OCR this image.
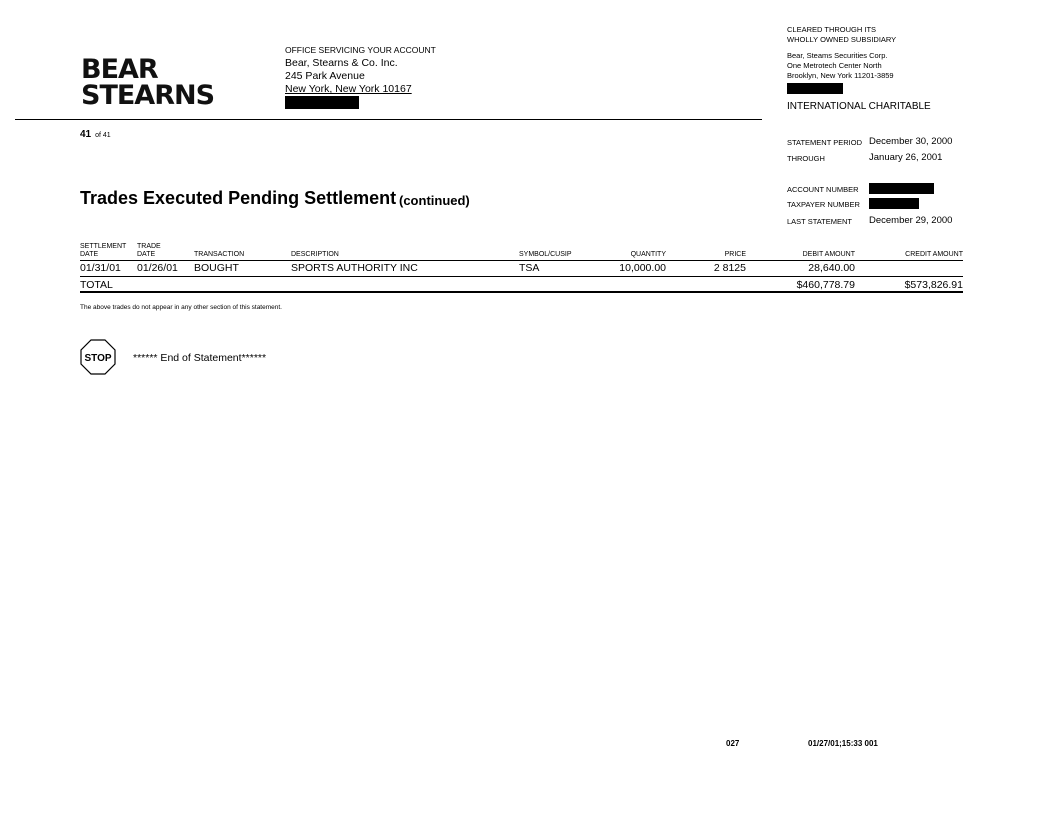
BEAR
STEARNS
OFFICE SERVICING YOUR ACCOUNT
Bear, Stearns & Co. Inc.
245 Park Avenue
New York, New York 10167
CLEARED THROUGH ITS
WHOLLY OWNED SUBSIDIARY
Bear, Steams Securities Corp.
One Metrotech Center North
Brooklyn, New York 11201-3859
INTERNATIONAL CHARITABLE
41 of 41
STATEMENT PERIOD December 30, 2000
THROUGH	January 26, 2001
ACCOUNT NUMBER
TAXPAYER NUMBER
LAST STATEMENT December 29, 2000
Trades Executed Pending Settlement (continued)
SETTLEMENT
DATE
TRADE
DATE	TRANSACTION	DESCRIPTION	SYMBOL/CUSIP	QUANTITY	PRICE	DEBIT AMOUNT	CREDIT AMOUNT
01/31/01 01/26/01 BOUGHT	SPORTS AUTHORITY INC	TSA	10,000.00	2 8125	28,640.00
TOTAL	$460,778.79	$573,826.91
The above trades do not appear in any other section of this statement.
STOP ****** End of Statement******
027	01/27/01;15:33 001
